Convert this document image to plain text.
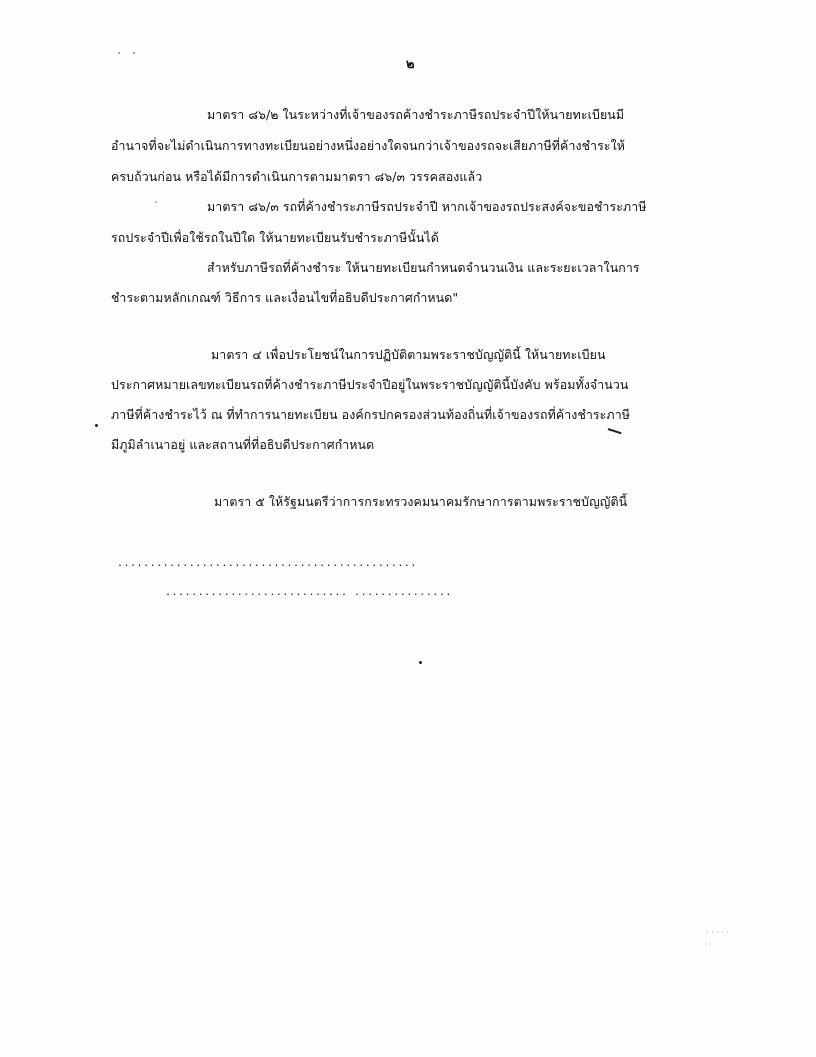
๒
มาตรา ๘๖/๒ ในระหว่างที่เจ้าของรถค้างชำระภาษีรถประจำปีให้นายทะเบียนมี
อำนาจที่จะไม่ดำเนินการทางทะเบียนอย่างหนึ่งอย่างใดจนกว่าเจ้าของรถจะเสียภาษีที่ค้างชำระให้
ครบถ้วนก่อน หรือได้มีการดำเนินการตามมาตรา ๘๖/๓ วรรคสองแล้ว
มาตรา ๘๖/๓ รถที่ค้างชำระภาษีรถประจำปี หากเจ้าของรถประสงค์จะขอชำระภาษี
รถประจำปีเพื่อใช้รถในปีใด ให้นายทะเบียนรับชำระภาษีนั้นได้
สำหรับภาษีรถที่ค้างชำระ ให้นายทะเบียนกำหนดจำนวนเงิน และระยะเวลาในการ
ชำระตามหลักเกณฑ์ วิธีการ และเงื่อนไขที่อธิบดีประกาศกำหนด"
มาตรา ๔ เพื่อประโยชน์ในการปฏิบัติตามพระราชบัญญัตินี้ ให้นายทะเบียน
ประกาศหมายเลขทะเบียนรถที่ค้างชำระภาษีประจำปีอยู่ในพระราชบัญญัตินี้บังคับ พร้อมทั้งจำนวน
ภาษีที่ค้างชำระไว้ ณ ที่ทำการนายทะเบียน องค์กรปกครองส่วนท้องถิ่นที่เจ้าของรถที่ค้างชำระภาษี
มีภูมิลำเนาอยู่ และสถานที่ที่อธิบดีประกาศกำหนด
มาตรา ๕ ให้รัฐมนตรีว่าการกระทรวงคมนาคมรักษาการตามพระราชบัญญัตินี้
..............................................
............................ ...............
· · · · ·
· ·
